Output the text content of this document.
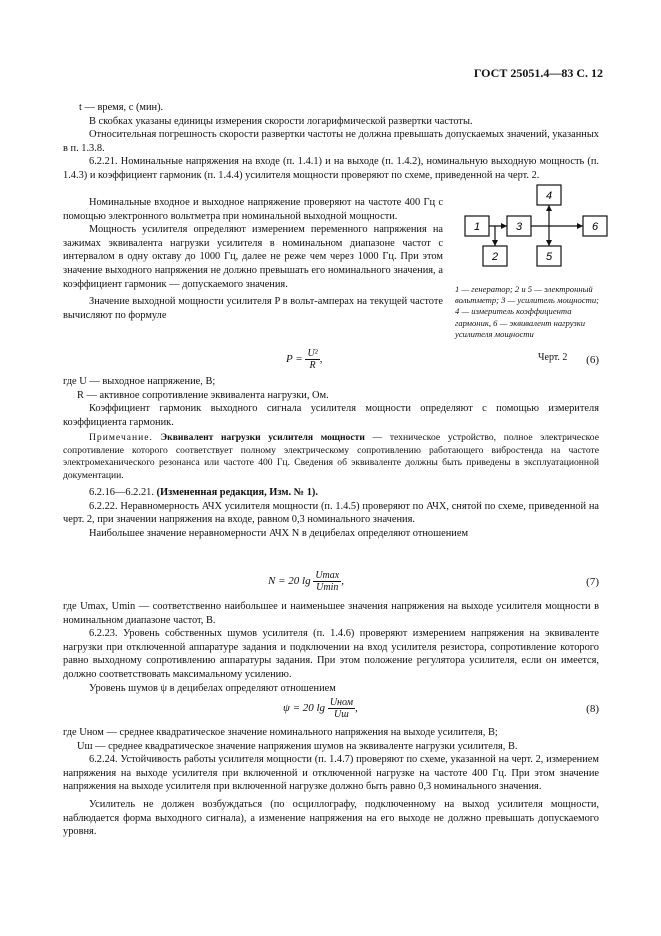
ГОСТ 25051.4—83 С. 12

t — время, с (мин).

В скобках указаны единицы измерения скорости логарифмической развертки частоты.

Относительная погрешность скорости развертки частоты не должна превышать допускаемых значений, указанных в п. 1.3.8.

6.2.21. Номинальные напряжения на входе (п. 1.4.1) и на выходе (п. 1.4.2), номинальную выходную мощность (п. 1.4.3) и коэффициент гармоник (п. 1.4.4) усилителя мощности проверяют по схеме, приведенной на черт. 2.

Номинальные входное и выходное напряжение проверяют на частоте 400 Гц с помощью электронного вольтметра при номинальной выходной мощности.

Мощность усилителя определяют измерением переменного напряжения на зажимах эквивалента нагрузки усилителя в номинальном диапазоне частот с интервалом в одну октаву до 1000 Гц, далее не реже чем через 1000 Гц. При этом значение выходного напряжения не должно превышать его номинального значения, а коэффициент гармоник — допускаемого значения.

Значение выходной мощности усилителя P в вольт-амперах на текущей частоте вычисляют по формуле

1
2
3
4
5
6
1 — генератор; 2 и 5 — электронный вольтметр; 3 — усилитель мощности; 4 — измеритель коэффициента гармоник, 6 — эквивалент нагрузки усилителя мощности
Черт. 2
$P = \frac{\text{U²}}{R}$ ,	(6)

где U — выходное напряжение, В;

R — активное сопротивление эквивалента нагрузки, Ом.

Коэффициент гармоник выходного сигнала усилителя мощности определяют с помощью измерителя коэффициента гармоник.

Примечание. Эквивалент нагрузки усилителя мощности — техническое устройство, полное электрическое сопротивление которого соответствует полному электрическому сопротивлению работающего вибростенда на частоте электромеханического резонанса или частоте 400 Гц. Сведения об эквиваленте должны быть приведены в эксплуатационной документации.

6.2.16—6.2.21. (Измененная редакция, Изм. № 1).

6.2.22. Неравномерность АЧХ усилителя мощности (п. 1.4.5) проверяют по АЧХ, снятой по схеме, приведенной на черт. 2, при значении напряжения на входе, равном 0,3 номинального значения.

Наибольшее значение неравномерности АЧХ N в децибелах определяют отношением

N = 20 $\lg \frac{Umax}{Umin}$ ,	(7)

где Umax, Umin — соответственно наибольшее и наименьшее значения напряжения на выходе усилителя мощности в номинальном диапазоне частот, В.

6.2.23. Уровень собственных шумов усилителя (п. 1.4.6) проверяют измерением напряжения на эквиваленте нагрузки при отключенной аппаратуре задания и подключении на вход усилителя резистора, сопротивление которого равно выходному сопротивлению аппаратуры задания. При этом положение регулятора усилителя, если он имеется, должно соответствовать максимальному усилению.

Уровень шумов ψ в децибелах определяют отношением

ψ = 20 $\lg \frac{\text{Uном}}{Uш}$ ,	(8)

где Uном — среднее квадратическое значение номинального напряжения на выходе усилителя, В;

Uш — среднее квадратическое значение напряжения шумов на эквиваленте нагрузки усилителя, В.

6.2.24. Устойчивость работы усилителя мощности (п. 1.4.7) проверяют по схеме, указанной на черт. 2, измерением напряжения на выходе усилителя при включенной и отключенной нагрузке на частоте 400 Гц. При этом значение напряжения на выходе усилителя при включенной нагрузке должно быть равно 0,3 номинального значения.

Усилитель не должен возбуждаться (по осциллографу, подключенному на выход усилителя мощности, наблюдается форма выходного сигнала), а изменение напряжения на его выходе не должно превышать допускаемого уровня.
